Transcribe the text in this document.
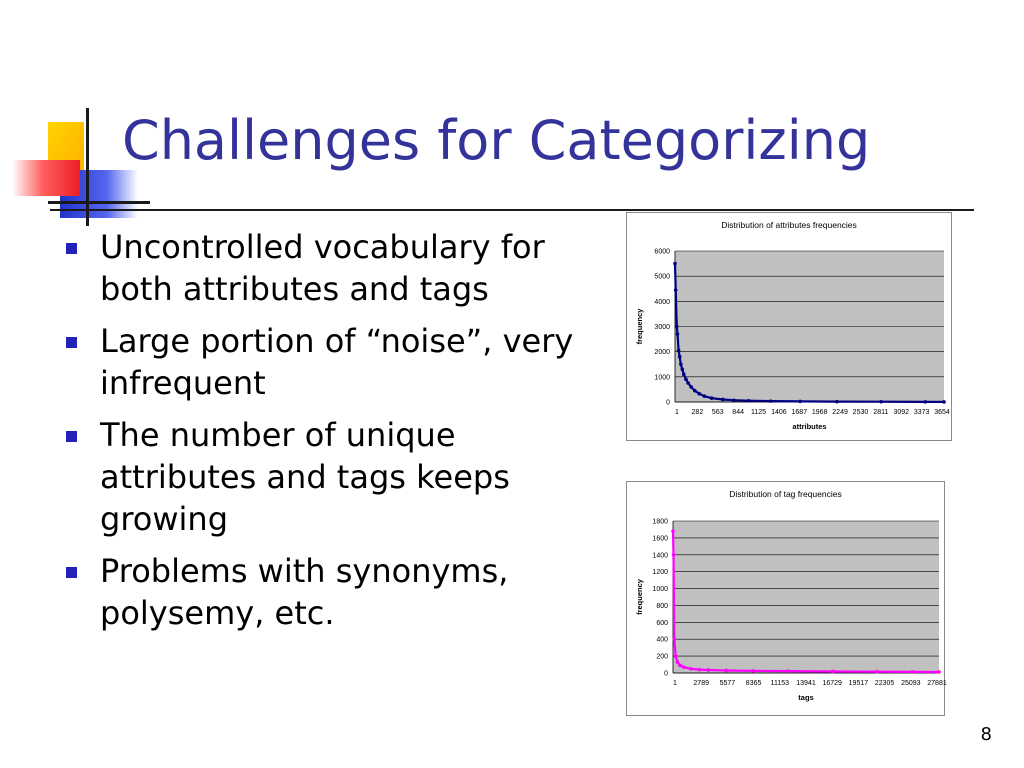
Challenges for Categorizing
Uncontrolled vocabulary for both attributes and tags
Large portion of “noise”, very infrequent
The number of unique attributes and tags keeps growing
Problems with synonyms, polysemy, etc.
Distribution of attributes frequencies
0
1000
2000
3000
4000
5000
6000
1 282 563 844 1125 1406 1687 1968 2249 2530 2811 3092 3373 3654
attributes
frequency
Distribution of tag frequencies
0
200
400
600
800
1000
1200
1400
1600
1800
1 2789 5577 8365 11153 13941 16729 19517 22305 25093 27881
tags
frequency
8
